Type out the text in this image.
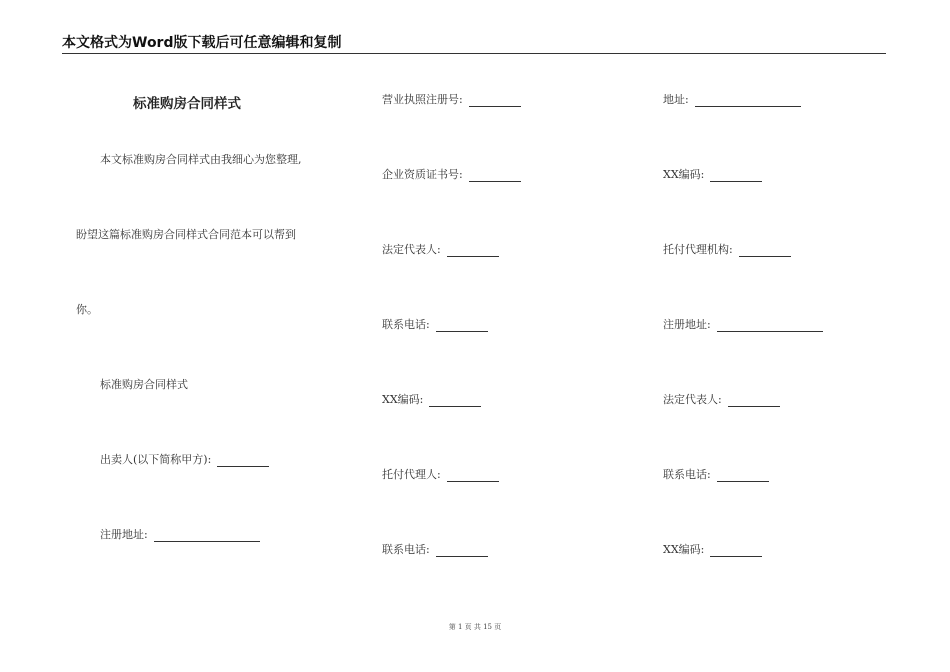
本文格式为Word版下载后可任意编辑和复制
标准购房合同样式
本文标准购房合同样式由我细心为您整理,
盼望这篇标准购房合同样式合同范本可以帮到
你。
标准购房合同样式
出卖人(以下简称甲方):
注册地址:
营业执照注册号:
企业资质证书号:
法定代表人:
联系电话:
XX编码:
托付代理人:
联系电话:
地址:
XX编码:
托付代理机构:
注册地址:
法定代表人:
联系电话:
XX编码:
第 1 页 共 15 页
